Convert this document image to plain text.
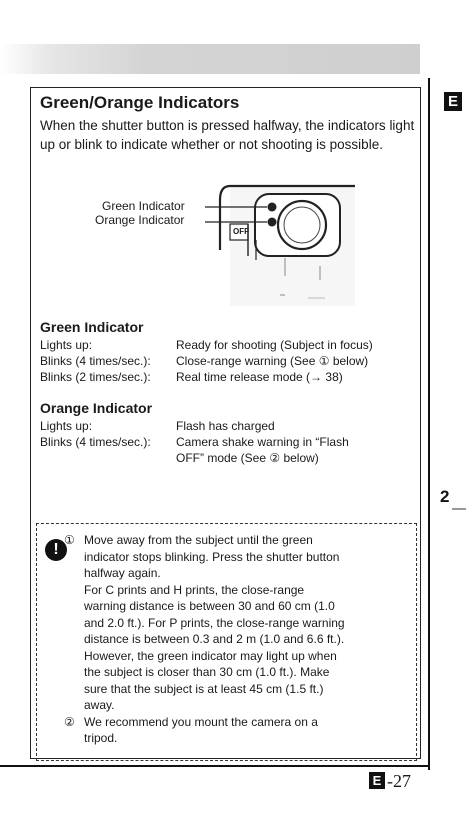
E
2
Green/Orange Indicators
When the shutter button is pressed halfway, the indicators light up or blink to indicate whether or not shooting is possible.
Green Indicator
Orange Indicator
OFF
Green Indicator
Lights up:	Ready for shooting (Subject in focus)
Blinks (4 times/sec.): Close-range warning (See ① below)
Blinks (2 times/sec.): Real time release mode (→ 38)
Orange Indicator
Lights up:	Flash has charged
Blinks (4 times/sec.): Camera shake warning in “Flash
OFF” mode (See ② below)
!
① Move away from the subject until the green

indicator stops blinking. Press the shutter button

halfway again.

For C prints and H prints, the close-range

warning distance is between 30 and 60 cm (1.0

and 2.0 ft.). For P prints, the close-range warning

distance is between 0.3 and 2 m (1.0 and 6.6 ft.).

However, the green indicator may light up when

the subject is closer than 30 cm (1.0 ft.). Make

sure that the subject is at least 45 cm (1.5 ft.)

away.

② We recommend you mount the camera on a

tripod.

E -27
